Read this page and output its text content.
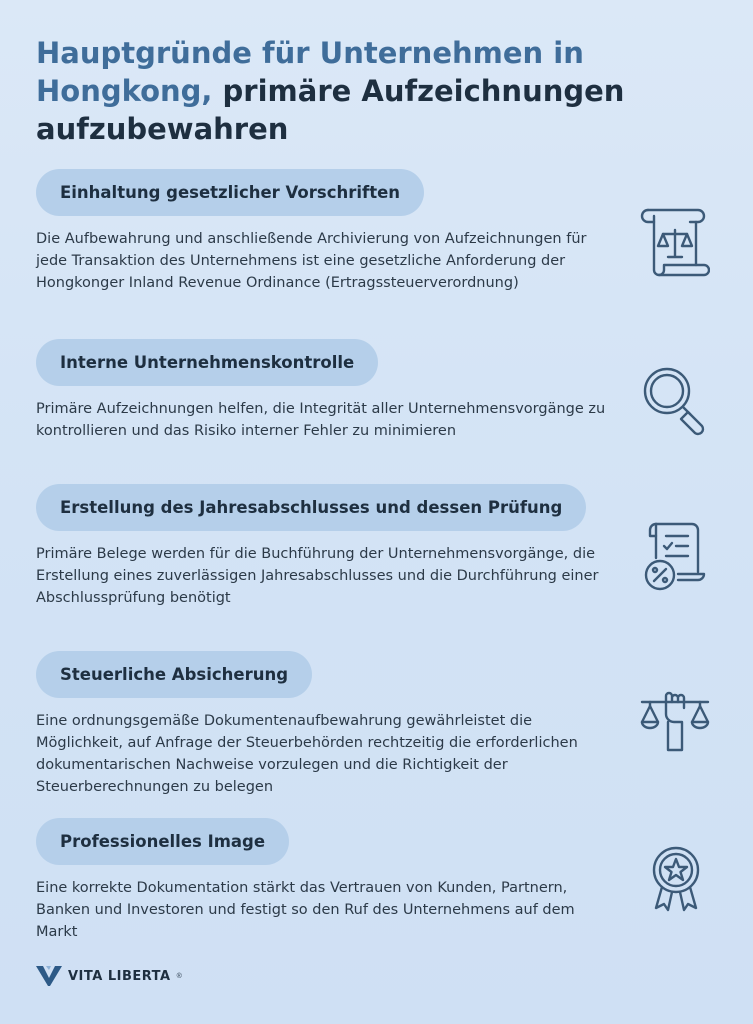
Hauptgründe für Unternehmen in Hongkong, primäre Aufzeichnungen aufzubewahren
Einhaltung gesetzlicher Vorschriften

Die Aufbewahrung und anschließende Archivierung von Aufzeichnungen für jede Transaktion des Unternehmens ist eine gesetzliche Anforderung der Hongkonger Inland Revenue Ordinance (Ertragssteuerverordnung)

Interne Unternehmenskontrolle

Primäre Aufzeichnungen helfen, die Integrität aller Unternehmensvorgänge zu kontrollieren und das Risiko interner Fehler zu minimieren

Erstellung des Jahresabschlusses und dessen Prüfung

Primäre Belege werden für die Buchführung der Unternehmensvorgänge, die Erstellung eines zuverlässigen Jahresabschlusses und die Durchführung einer Abschlussprüfung benötigt

Steuerliche Absicherung

Eine ordnungsgemäße Dokumentenaufbewahrung gewährleistet die Möglichkeit, auf Anfrage der Steuerbehörden rechtzeitig die erforderlichen dokumentarischen Nachweise vorzulegen und die Richtigkeit der Steuerberechnungen zu belegen

Professionelles Image

Eine korrekte Dokumentation stärkt das Vertrauen von Kunden, Partnern, Banken und Investoren und festigt so den Ruf des Unternehmens auf dem Markt

VITA LIBERTA ®
